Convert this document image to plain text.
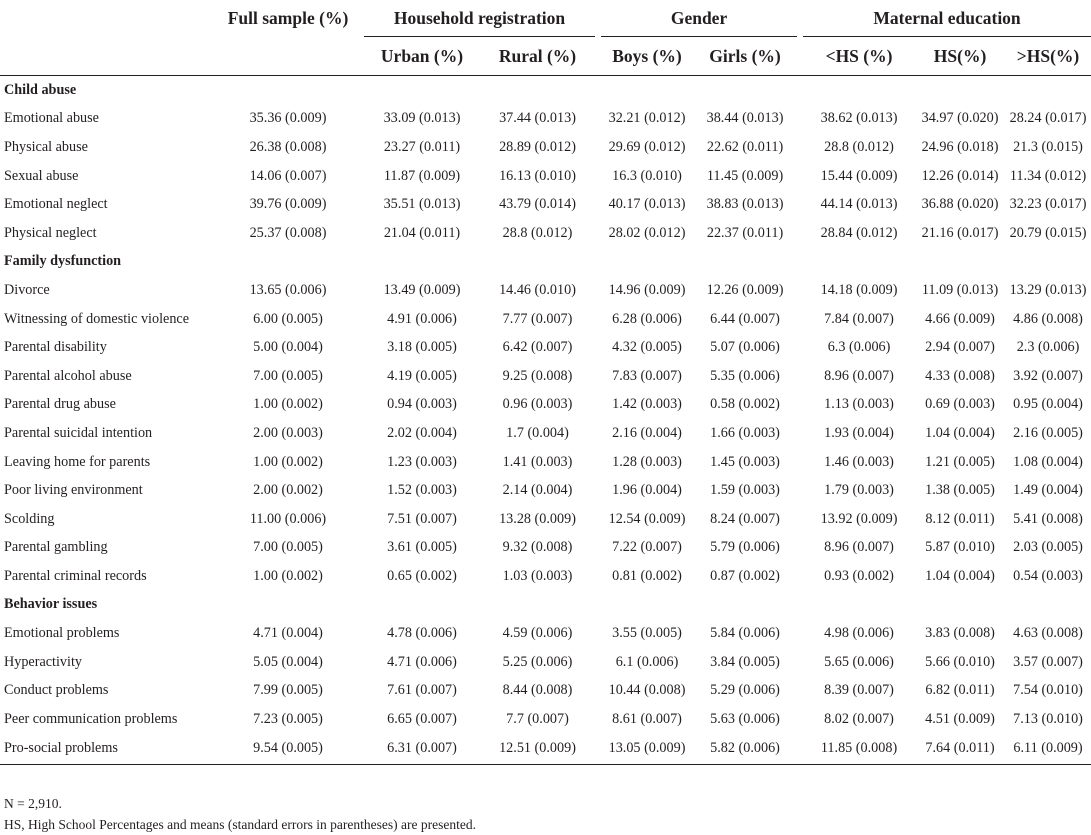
	Full sample (%)		Household registration			Gender			Maternal education		
			Urban (%)	Rural (%)		Boys (%)	Girls (%)		<HS (%)	HS(%)	>HS(%)
Child abuse											
Emotional abuse	35.36 (0.009)		33.09 (0.013)	37.44 (0.013)		32.21 (0.012)	38.44 (0.013)		38.62 (0.013)	34.97 (0.020)	28.24 (0.017)
Physical abuse	26.38 (0.008)		23.27 (0.011)	28.89 (0.012)		29.69 (0.012)	22.62 (0.011)		28.8 (0.012)	24.96 (0.018)	21.3 (0.015)
Sexual abuse	14.06 (0.007)		11.87 (0.009)	16.13 (0.010)		16.3 (0.010)	11.45 (0.009)		15.44 (0.009)	12.26 (0.014)	11.34 (0.012)
Emotional neglect	39.76 (0.009)		35.51 (0.013)	43.79 (0.014)		40.17 (0.013)	38.83 (0.013)		44.14 (0.013)	36.88 (0.020)	32.23 (0.017)
Physical neglect	25.37 (0.008)		21.04 (0.011)	28.8 (0.012)		28.02 (0.012)	22.37 (0.011)		28.84 (0.012)	21.16 (0.017)	20.79 (0.015)
Family dysfunction											
Divorce	13.65 (0.006)		13.49 (0.009)	14.46 (0.010)		14.96 (0.009)	12.26 (0.009)		14.18 (0.009)	11.09 (0.013)	13.29 (0.013)
Witnessing of domestic violence	6.00 (0.005)		4.91 (0.006)	7.77 (0.007)		6.28 (0.006)	6.44 (0.007)		7.84 (0.007)	4.66 (0.009)	4.86 (0.008)
Parental disability	5.00 (0.004)		3.18 (0.005)	6.42 (0.007)		4.32 (0.005)	5.07 (0.006)		6.3 (0.006)	2.94 (0.007)	2.3 (0.006)
Parental alcohol abuse	7.00 (0.005)		4.19 (0.005)	9.25 (0.008)		7.83 (0.007)	5.35 (0.006)		8.96 (0.007)	4.33 (0.008)	3.92 (0.007)
Parental drug abuse	1.00 (0.002)		0.94 (0.003)	0.96 (0.003)		1.42 (0.003)	0.58 (0.002)		1.13 (0.003)	0.69 (0.003)	0.95 (0.004)
Parental suicidal intention	2.00 (0.003)		2.02 (0.004)	1.7 (0.004)		2.16 (0.004)	1.66 (0.003)		1.93 (0.004)	1.04 (0.004)	2.16 (0.005)
Leaving home for parents	1.00 (0.002)		1.23 (0.003)	1.41 (0.003)		1.28 (0.003)	1.45 (0.003)		1.46 (0.003)	1.21 (0.005)	1.08 (0.004)
Poor living environment	2.00 (0.002)		1.52 (0.003)	2.14 (0.004)		1.96 (0.004)	1.59 (0.003)		1.79 (0.003)	1.38 (0.005)	1.49 (0.004)
Scolding	11.00 (0.006)		7.51 (0.007)	13.28 (0.009)		12.54 (0.009)	8.24 (0.007)		13.92 (0.009)	8.12 (0.011)	5.41 (0.008)
Parental gambling	7.00 (0.005)		3.61 (0.005)	9.32 (0.008)		7.22 (0.007)	5.79 (0.006)		8.96 (0.007)	5.87 (0.010)	2.03 (0.005)
Parental criminal records	1.00 (0.002)		0.65 (0.002)	1.03 (0.003)		0.81 (0.002)	0.87 (0.002)		0.93 (0.002)	1.04 (0.004)	0.54 (0.003)
Behavior issues											
Emotional problems	4.71 (0.004)		4.78 (0.006)	4.59 (0.006)		3.55 (0.005)	5.84 (0.006)		4.98 (0.006)	3.83 (0.008)	4.63 (0.008)
Hyperactivity	5.05 (0.004)		4.71 (0.006)	5.25 (0.006)		6.1 (0.006)	3.84 (0.005)		5.65 (0.006)	5.66 (0.010)	3.57 (0.007)
Conduct problems	7.99 (0.005)		7.61 (0.007)	8.44 (0.008)		10.44 (0.008)	5.29 (0.006)		8.39 (0.007)	6.82 (0.011)	7.54 (0.010)
Peer communication problems	7.23 (0.005)		6.65 (0.007)	7.7 (0.007)		8.61 (0.007)	5.63 (0.006)		8.02 (0.007)	4.51 (0.009)	7.13 (0.010)
Pro-social problems	9.54 (0.005)		6.31 (0.007)	12.51 (0.009)		13.05 (0.009)	5.82 (0.006)		11.85 (0.008)	7.64 (0.011)	6.11 (0.009)
N = 2,910.
HS, High School Percentages and means (standard errors in parentheses) are presented.
